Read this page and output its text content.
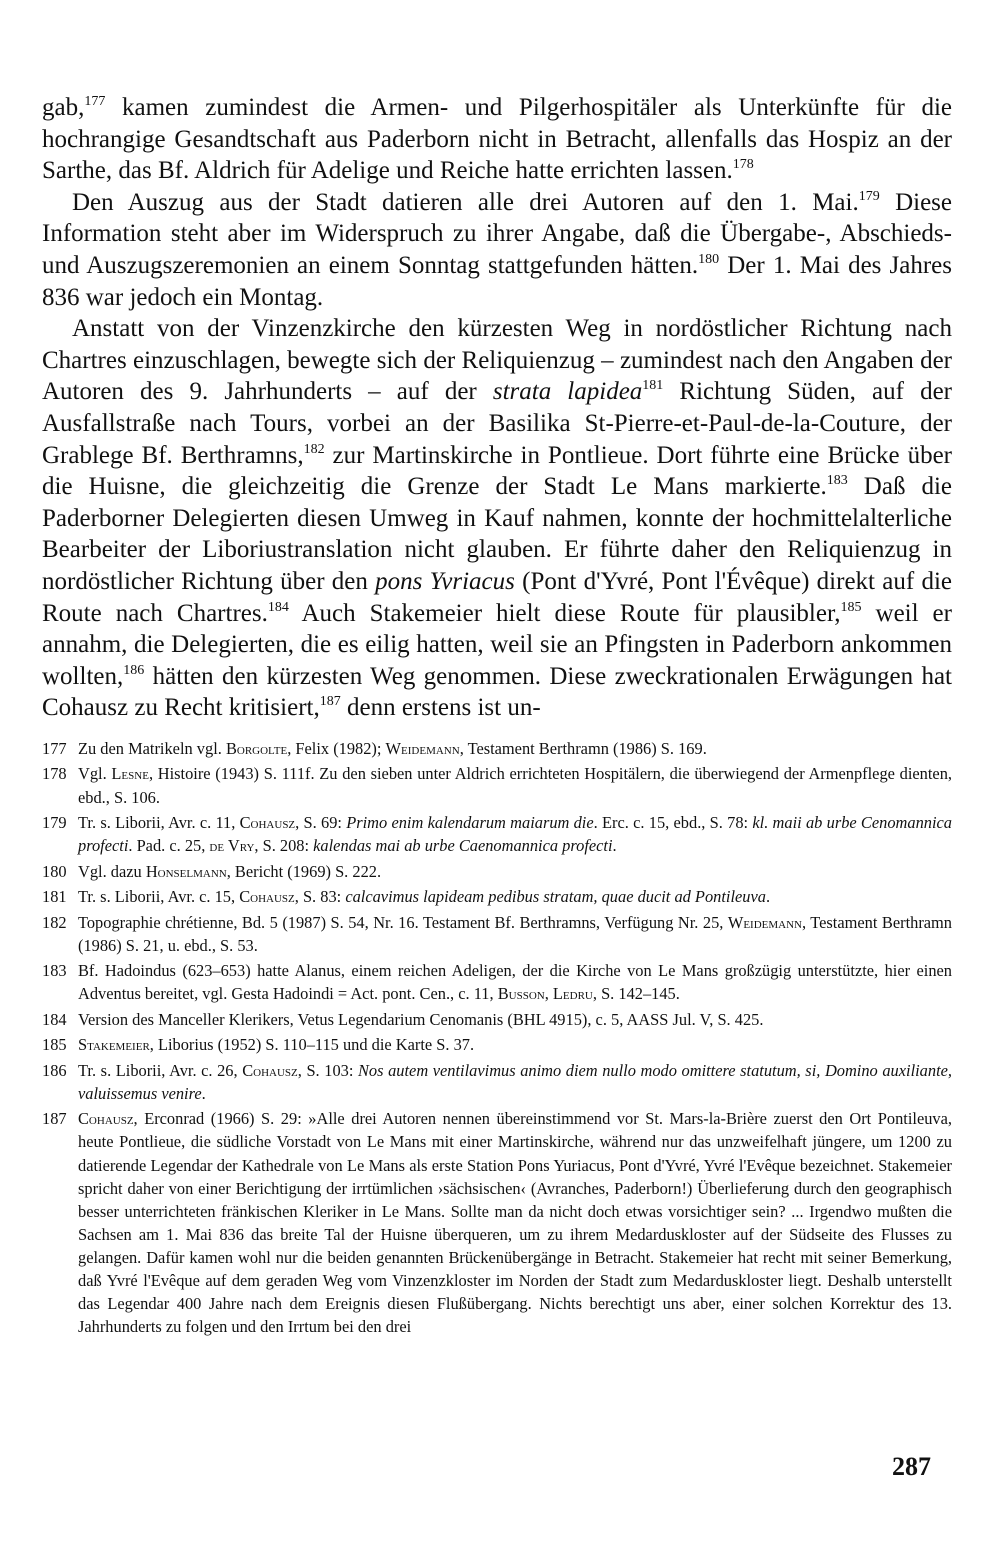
gab,$^{177}$ kamen zumindest die Armen- und Pilgerhospitäler als Unterkünfte für die hochrangige Gesandtschaft aus Paderborn nicht in Betracht, allenfalls das Hospiz an der Sarthe, das Bf. Aldrich für Adelige und Reiche hatte errichten lassen.$^{178}$

Den Auszug aus der Stadt datieren alle drei Autoren auf den 1. Mai.$^{179}$ Diese Information steht aber im Widerspruch zu ihrer Angabe, daß die Übergabe-, Abschieds- und Auszugszeremonien an einem Sonntag stattgefunden hätten.$^{180}$ Der 1. Mai des Jahres 836 war jedoch ein Montag.

Anstatt von der Vinzenzkirche den kürzesten Weg in nordöstlicher Richtung nach Chartres einzuschlagen, bewegte sich der Reliquienzug – zumindest nach den Angaben der Autoren des 9. Jahrhunderts – auf der strata lapidea$^{181}$ Richtung Süden, auf der Ausfallstraße nach Tours, vorbei an der Basilika St-Pierre-et-Paul-de-la-Couture, der Grablege Bf. Berthramns,$^{182}$ zur Martinskirche in Pontlieue. Dort führte eine Brücke über die Huisne, die gleichzeitig die Grenze der Stadt Le Mans markierte.$^{183}$ Daß die Paderborner Delegierten diesen Umweg in Kauf nahmen, konnte der hochmittelalterliche Bearbeiter der Liboriustranslation nicht glauben. Er führte daher den Reliquienzug in nordöstlicher Richtung über den pons Yvriacus (Pont d'Yvré, Pont l'Évêque) direkt auf die Route nach Chartres.$^{184}$ Auch Stakemeier hielt diese Route für plausibler,$^{185}$ weil er annahm, die Delegierten, die es eilig hatten, weil sie an Pfingsten in Paderborn ankommen wollten,$^{186}$ hätten den kürzesten Weg genommen. Diese zweckrationalen Erwägungen hat Cohausz zu Recht kritisiert,$^{187}$ denn erstens ist un-

177 Zu den Matrikeln vgl. Borgolte, Felix (1982); Weidemann, Testament Berthramn (1986) S. 169.
178 Vgl. Lesne, Histoire (1943) S. 111f. Zu den sieben unter Aldrich errichteten Hospitälern, die überwiegend der Armenpflege dienten, ebd., S. 106.
179 Tr. s. Liborii, Avr. c. 11, Cohausz, S. 69: Primo enim kalendarum maiarum die. Erc. c. 15, ebd., S. 78: kl. maii ab urbe Cenomannica profecti. Pad. c. 25, de Vry, S. 208: kalendas mai ab urbe Caenomannica profecti.
180 Vgl. dazu Honselmann, Bericht (1969) S. 222.
181 Tr. s. Liborii, Avr. c. 15, Cohausz, S. 83: calcavimus lapideam pedibus stratam, quae ducit ad Pontileuva.
182 Topographie chrétienne, Bd. 5 (1987) S. 54, Nr. 16. Testament Bf. Berthramns, Verfügung Nr. 25, Weidemann, Testament Berthramn (1986) S. 21, u. ebd., S. 53.
183 Bf. Hadoindus (623–653) hatte Alanus, einem reichen Adeligen, der die Kirche von Le Mans großzügig unterstützte, hier einen Adventus bereitet, vgl. Gesta Hadoindi = Act. pont. Cen., c. 11, Busson, Ledru, S. 142–145.
184 Version des Manceller Klerikers, Vetus Legendarium Cenomanis (BHL 4915), c. 5, AASS Jul. V, S. 425.
185 Stakemeier, Liborius (1952) S. 110–115 und die Karte S. 37.
186 Tr. s. Liborii, Avr. c. 26, Cohausz, S. 103: Nos autem ventilavimus animo diem nullo modo omittere statutum, si, Domino auxiliante, valuissemus venire.
187 Cohausz, Erconrad (1966) S. 29: »Alle drei Autoren nennen übereinstimmend vor St. Mars-la-Brière zuerst den Ort Pontileuva, heute Pontlieue, die südliche Vorstadt von Le Mans mit einer Martinskirche, während nur das unzweifelhaft jüngere, um 1200 zu datierende Legendar der Kathedrale von Le Mans als erste Station Pons Yuriacus, Pont d'Yvré, Yvré l'Evêque bezeichnet. Stakemeier spricht daher von einer Berichtigung der irrtümlichen ›sächsischen‹ (Avranches, Paderborn!) Überlieferung durch den geographisch besser unterrichteten fränkischen Kleriker in Le Mans. Sollte man da nicht doch etwas vorsichtiger sein? ... Irgendwo mußten die Sachsen am 1. Mai 836 das breite Tal der Huisne überqueren, um zu ihrem Medarduskloster auf der Südseite des Flusses zu gelangen. Dafür kamen wohl nur die beiden genannten Brückenübergänge in Betracht. Stakemeier hat recht mit seiner Bemerkung, daß Yvré l'Evêque auf dem geraden Weg vom Vinzenzkloster im Norden der Stadt zum Medarduskloster liegt. Deshalb unterstellt das Legendar 400 Jahre nach dem Ereignis diesen Flußübergang. Nichts berechtigt uns aber, einer solchen Korrektur des 13. Jahrhunderts zu folgen und den Irrtum bei den drei
287
